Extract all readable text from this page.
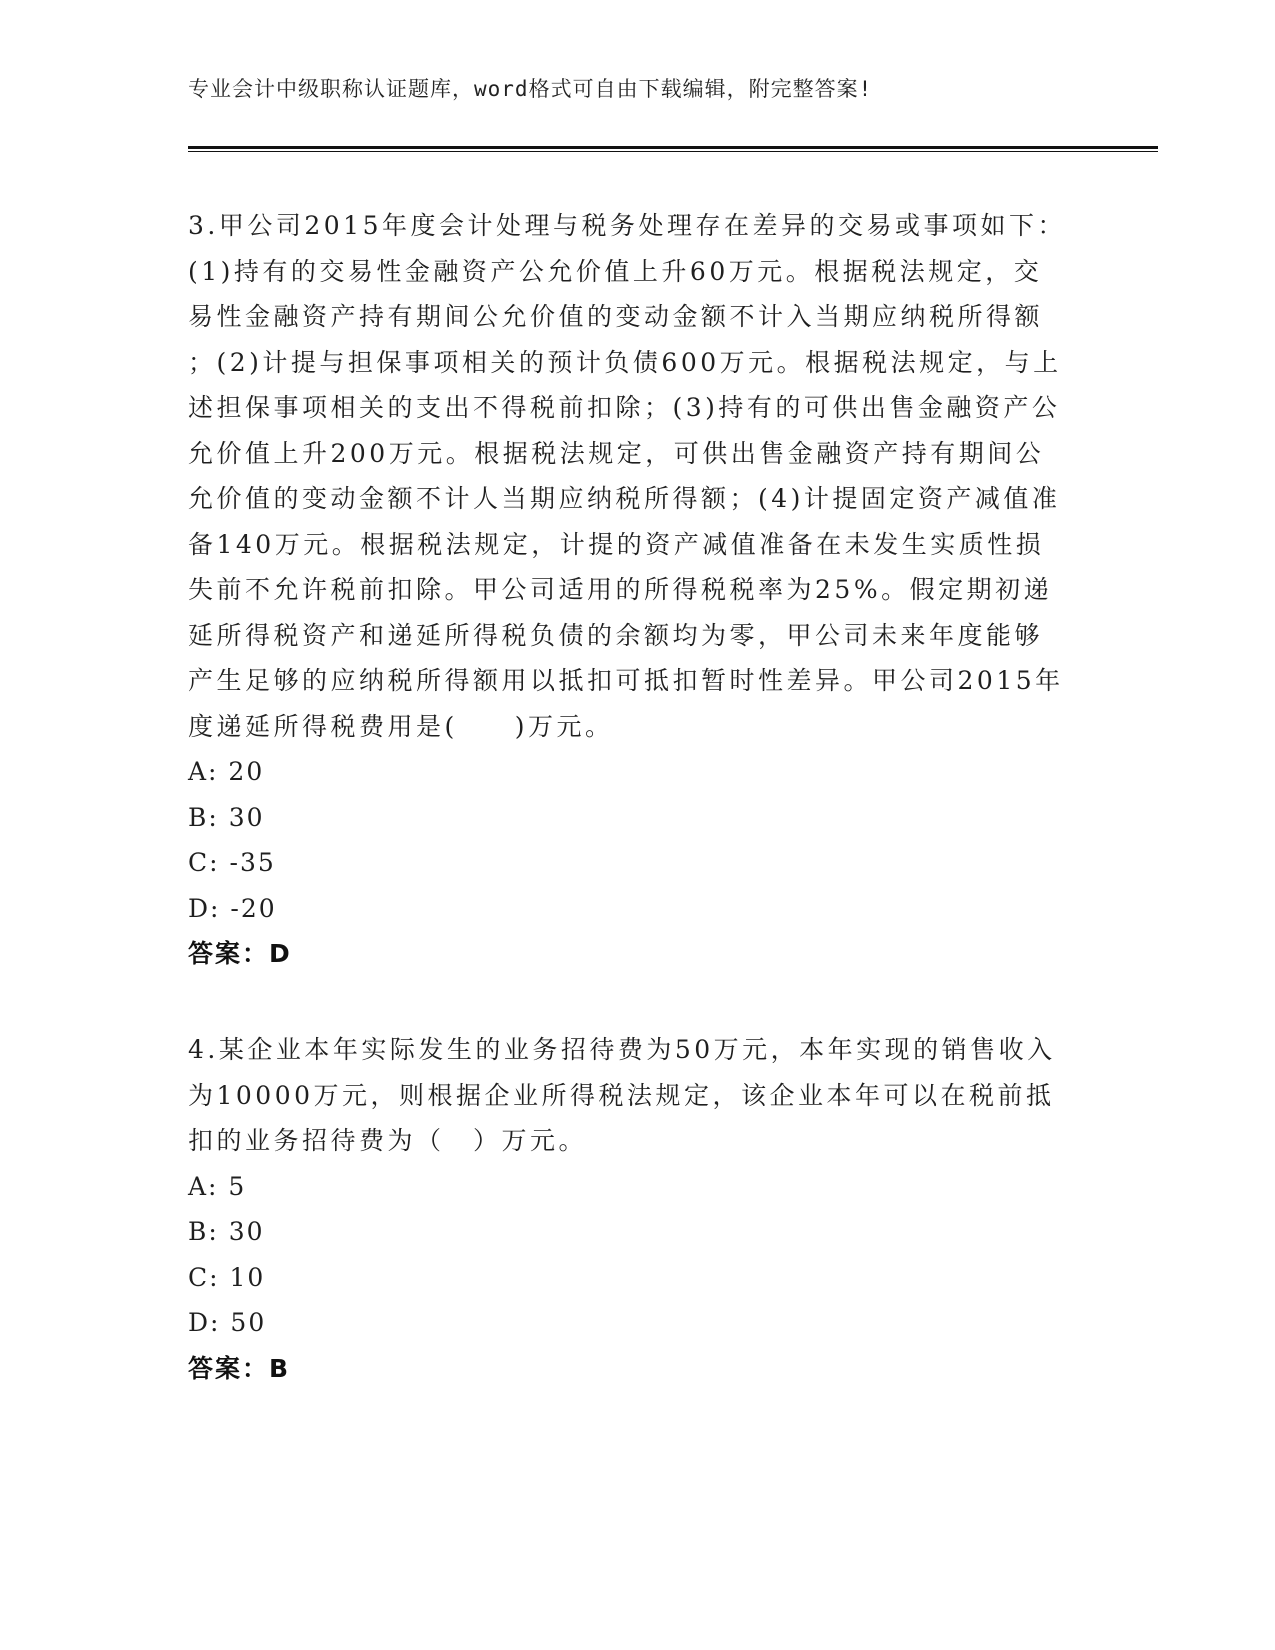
专业会计中级职称认证题库，word格式可自由下载编辑，附完整答案!
3.甲公司2015年度会计处理与税务处理存在差异的交易或事项如下：
(1)持有的交易性金融资产公允价值上升60万元。根据税法规定，交
易性金融资产持有期间公允价值的变动金额不计入当期应纳税所得额
；(2)计提与担保事项相关的预计负债600万元。根据税法规定，与上
述担保事项相关的支出不得税前扣除；(3)持有的可供出售金融资产公
允价值上升200万元。根据税法规定，可供出售金融资产持有期间公
允价值的变动金额不计人当期应纳税所得额；(4)计提固定资产减值准
备140万元。根据税法规定，计提的资产减值准备在未发生实质性损
失前不允许税前扣除。甲公司适用的所得税税率为25%。假定期初递
延所得税资产和递延所得税负债的余额均为零，甲公司未来年度能够
产生足够的应纳税所得额用以抵扣可抵扣暂时性差异。甲公司2015年
度递延所得税费用是(　　)万元。
A: 20
B: 30
C: -35
D: -20
答案：D
4.某企业本年实际发生的业务招待费为50万元，本年实现的销售收入
为10000万元，则根据企业所得税法规定，该企业本年可以在税前抵
扣的业务招待费为（　）万元。
A: 5
B: 30
C: 10
D: 50
答案：B
